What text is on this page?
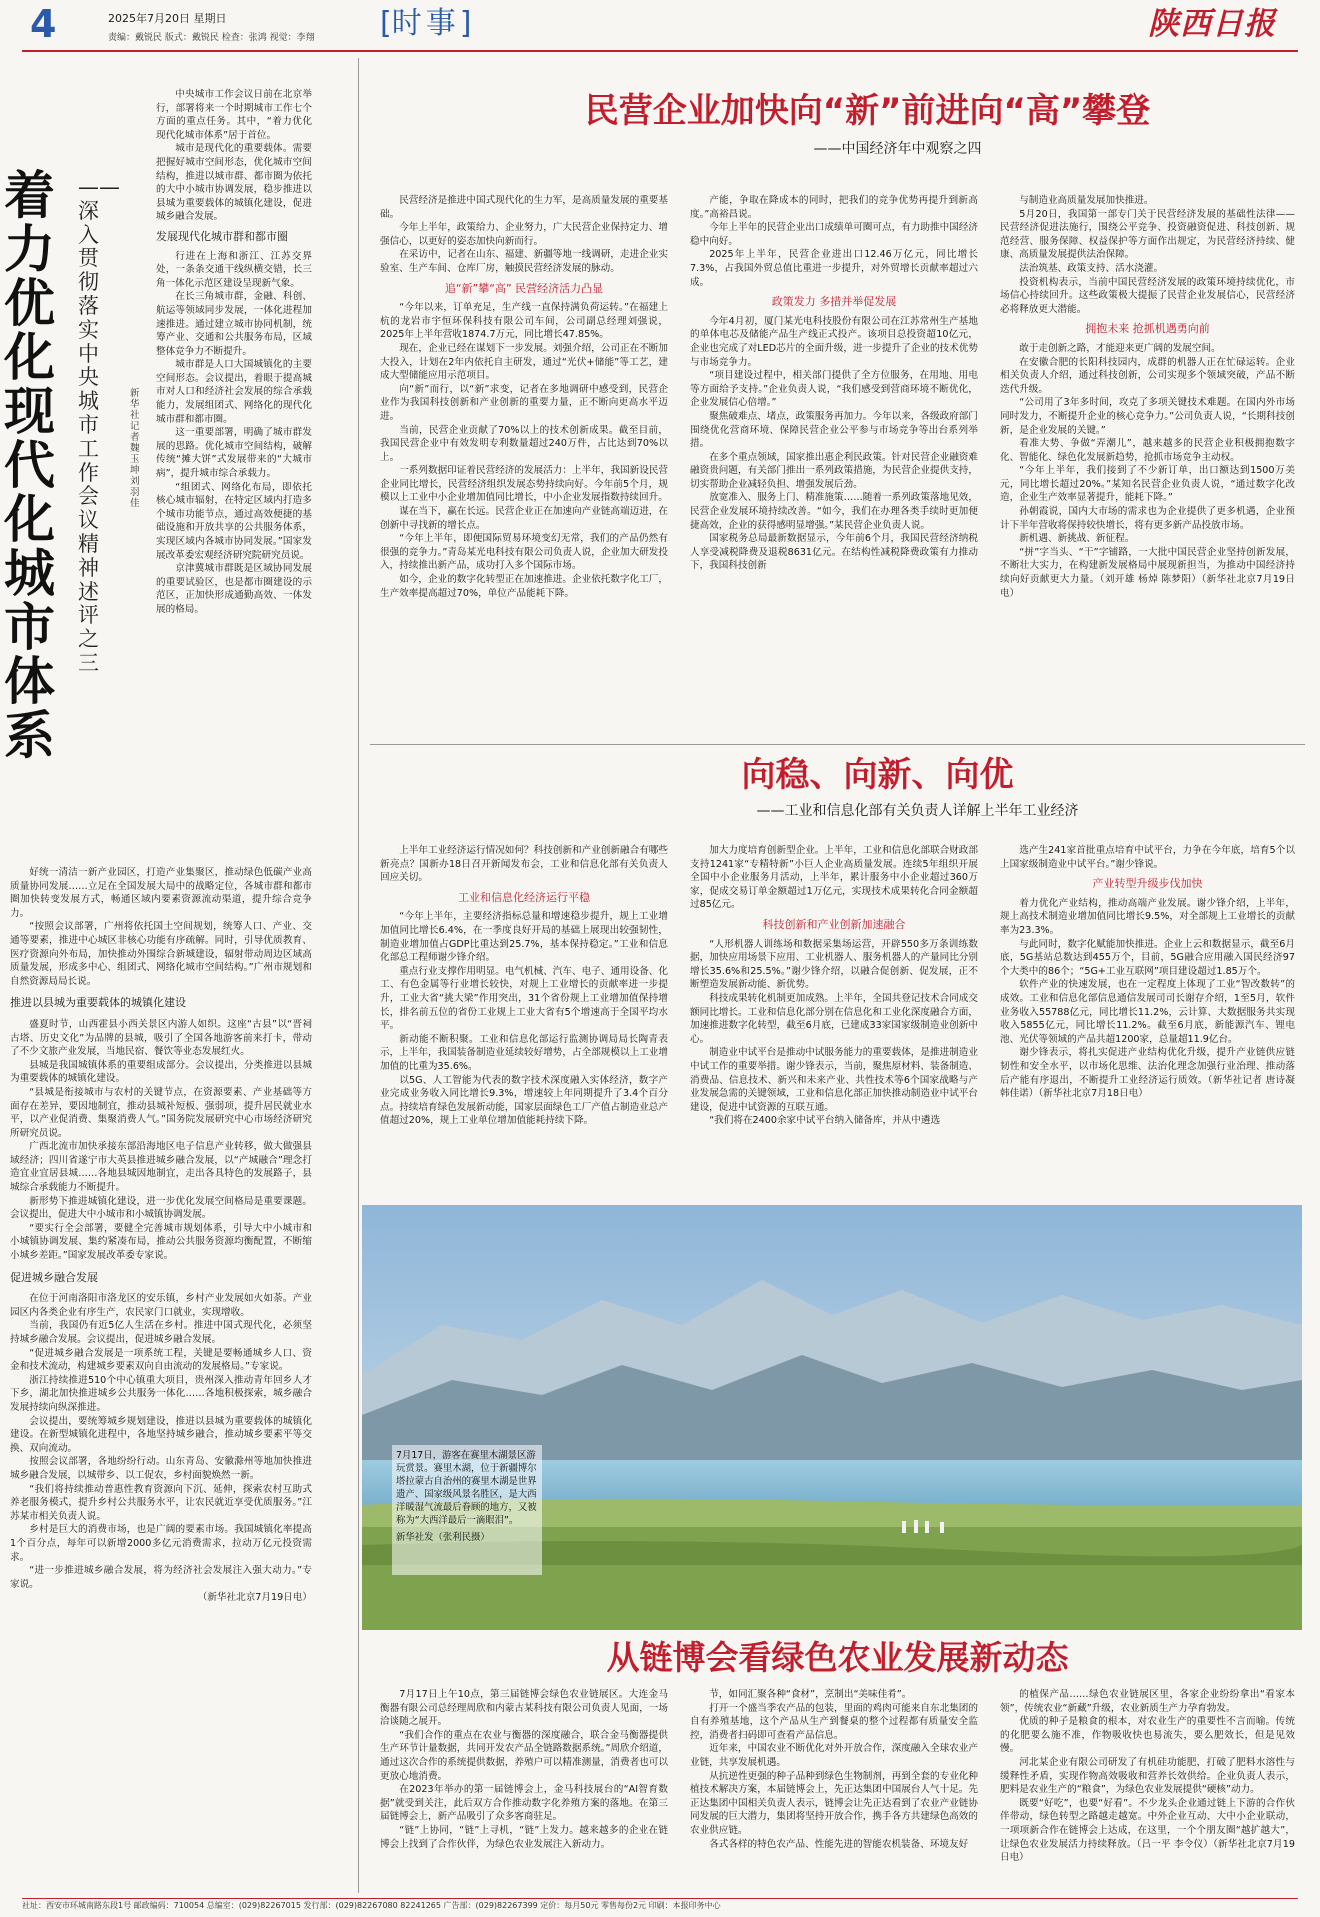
4	2025年7月20日 星期日
责编：戴锐民 版式：戴锐民 检查：张鸿 视觉：李翔 [时事]	陕西日报
着力优化现代化城市体系
——深入贯彻落实中央城市工作会议精神述评之三
新华社记者 魏玉坤 刘羽佳

中央城市工作会议日前在北京举行，部署将来一个时期城市工作七个方面的重点任务。其中，“着力优化现代化城市体系”居于首位。

城市是现代化的重要载体。需要把握好城市空间形态，优化城市空间结构，推进以城市群、都市圈为依托的大中小城市协调发展，稳步推进以县城为重要载体的城镇化建设，促进城乡融合发展。

发展现代化城市群和都市圈

行进在上海和浙江、江苏交界处，一条条交通干线纵横交错，长三角一体化示范区建设呈现新气象。

在长三角城市群，金融、科创、航运等领域同步发展，一体化进程加速推进。通过建立城市协同机制，统筹产业、交通和公共服务布局，区域整体竞争力不断提升。

城市群是人口大国城镇化的主要空间形态。会议提出，着眼于提高城市对人口和经济社会发展的综合承载能力，发展组团式、网络化的现代化城市群和都市圈。

这一重要部署，明确了城市群发展的思路。优化城市空间结构，破解传统“摊大饼”式发展带来的“大城市病”，提升城市综合承载力。

“组团式、网络化布局，即依托核心城市辐射，在特定区域内打造多个城市功能节点，通过高效便捷的基础设施和开放共享的公共服务体系，实现区域内各城市协同发展。”国家发展改革委宏观经济研究院研究员说。

京津冀城市群既是区域协同发展的重要试验区，也是都市圈建设的示范区，正加快形成通勤高效、一体发展的格局。

好统一清洁一新产业园区，打造产业集聚区，推动绿色低碳产业高质量协同发展……立足在全国发展大局中的战略定位，各城市群和都市圈加快转变发展方式，畅通区域内要素资源流动渠道，提升综合竞争力。

“按照会议部署，广州将依托国土空间规划，统筹人口、产业、交通等要素，推进中心城区非核心功能有序疏解。同时，引导优质教育、医疗资源向外布局，加快推动外围综合新城建设，辐射带动周边区域高质量发展，形成多中心、组团式、网络化城市空间结构。”广州市规划和自然资源局局长说。

推进以县城为重要载体的城镇化建设

盛夏时节，山西霍县小西关景区内游人如织。这座“古县”以“晋祠古塔、历史文化”为品牌的县城，吸引了全国各地游客前来打卡，带动了不少文旅产业发展，当地民宿、餐饮等业态发展红火。

县城是我国城镇体系的重要组成部分。会议提出，分类推进以县城为重要载体的城镇化建设。

“县城是衔接城市与农村的关键节点，在资源要素、产业基础等方面存在差异，要因地制宜，推动县城补短板、强弱项，提升居民就业水平，以产业促消费、集聚消费人气。”国务院发展研究中心市场经济研究所研究员说。

广西北流市加快承接东部沿海地区电子信息产业转移，做大做强县域经济；四川省遂宁市大英县推进城乡融合发展，以“产城融合”理念打造宜业宜居县城……各地县城因地制宜，走出各具特色的发展路子，县城综合承载能力不断提升。

新形势下推进城镇化建设，进一步优化发展空间格局是重要课题。会议提出，促进大中小城市和小城镇协调发展。

“要实行全会部署，要健全完善城市规划体系，引导大中小城市和小城镇协调发展、集约紧凑布局，推动公共服务资源均衡配置，不断缩小城乡差距。”国家发展改革委专家说。

促进城乡融合发展

在位于河南洛阳市洛龙区的安乐镇，乡村产业发展如火如荼。产业园区内各类企业有序生产，农民家门口就业，实现增收。

当前，我国仍有近5亿人生活在乡村。推进中国式现代化，必须坚持城乡融合发展。会议提出，促进城乡融合发展。

“促进城乡融合发展是一项系统工程，关键是要畅通城乡人口、资金和技术流动，构建城乡要素双向自由流动的发展格局。”专家说。

浙江持续推进510个中心镇重大项目，贵州深入推动青年回乡人才下乡，湖北加快推进城乡公共服务一体化……各地积极探索，城乡融合发展持续向纵深推进。

会议提出，要统筹城乡规划建设，推进以县城为重要载体的城镇化建设。在新型城镇化进程中，各地坚持城乡融合，推动城乡要素平等交换、双向流动。

按照会议部署，各地纷纷行动。山东青岛、安徽滁州等地加快推进城乡融合发展，以城带乡、以工促农，乡村面貌焕然一新。

“我们将持续推动普惠性教育资源向下沉、延伸，探索农村互助式养老服务模式，提升乡村公共服务水平，让农民就近享受优质服务。”江苏某市相关负责人说。

乡村是巨大的消费市场，也是广阔的要素市场。我国城镇化率提高1个百分点，每年可以新增2000多亿元消费需求，拉动万亿元投资需求。

“进一步推进城乡融合发展，将为经济社会发展注入强大动力。”专家说。

（新华社北京7月19日电）

民营企业加快向“新”前进向“高”攀登
——中国经济年中观察之四

民营经济是推进中国式现代化的生力军，是高质量发展的重要基础。

今年上半年，政策给力、企业努力，广大民营企业保持定力、增强信心，以更好的姿态加快向新而行。

在采访中，记者在山东、福建、新疆等地一线调研，走进企业实验室、生产车间、仓库厂房，触摸民营经济发展的脉动。

追“新”攀“高” 民营经济活力凸显

“今年以来，订单充足，生产线一直保持满负荷运转。”在福建上杭的龙岩市宇恒环保科技有限公司车间，公司副总经理刘强说，2025年上半年营收1874.7万元，同比增长47.85%。

现在，企业已经在谋划下一步发展。刘强介绍，公司正在不断加大投入，计划在2年内依托自主研发，通过“光伏+储能”等工艺，建成大型储能应用示范项目。

向“新”而行，以“新”求变，记者在多地调研中感受到，民营企业作为我国科技创新和产业创新的重要力量，正不断向更高水平迈进。

当前，民营企业贡献了70%以上的技术创新成果。截至目前，我国民营企业中有效发明专利数量超过240万件，占比达到70%以上。

一系列数据印证着民营经济的发展活力：上半年，我国新设民营企业同比增长，民营经济组织发展态势持续向好。今年前5个月，规模以上工业中小企业增加值同比增长，中小企业发展指数持续回升。

谋在当下，赢在长远。民营企业正在加速向产业链高端迈进，在创新中寻找新的增长点。

“今年上半年，即便国际贸易环境变幻无常，我们的产品仍然有很强的竞争力。”青岛某光电科技有限公司负责人说，企业加大研发投入，持续推出新产品，成功打入多个国际市场。

如今，企业的数字化转型正在加速推进。企业依托数字化工厂，生产效率提高超过70%，单位产品能耗下降。

产能，争取在降成本的同时，把我们的竞争优势再提升到新高度。”高裕昌说。

今年上半年的民营企业出口成绩单可圈可点，有力助推中国经济稳中向好。

2025年上半年，民营企业进出口12.46万亿元，同比增长7.3%，占我国外贸总值比重进一步提升，对外贸增长贡献率超过六成。

政策发力 多措并举促发展

今年4月初，厦门某光电科技股份有限公司在江苏常州生产基地的单体电芯及储能产品生产线正式投产。该项目总投资超10亿元，企业也完成了对LED芯片的全面升级，进一步提升了企业的技术优势与市场竞争力。

“项目建设过程中，相关部门提供了全方位服务，在用地、用电等方面给予支持。”企业负责人说，“我们感受到营商环境不断优化，企业发展信心倍增。”

聚焦破难点、堵点，政策服务再加力。今年以来，各级政府部门围绕优化营商环境、保障民营企业公平参与市场竞争等出台系列举措。

在多个重点领域，国家推出惠企利民政策。针对民营企业融资难融资贵问题，有关部门推出一系列政策措施，为民营企业提供支持，切实帮助企业减轻负担、增强发展后劲。

放宽准入、服务上门、精准施策……随着一系列政策落地见效，民营企业发展环境持续改善。“如今，我们在办理各类手续时更加便捷高效，企业的获得感明显增强。”某民营企业负责人说。

国家税务总局最新数据显示，今年前6个月，我国民营经济纳税人享受减税降费及退税8631亿元。在结构性减税降费政策有力推动下，我国科技创新

与制造业高质量发展加快推进。

5月20日，我国第一部专门关于民营经济发展的基础性法律——民营经济促进法施行，围绕公平竞争、投资融资促进、科技创新、规范经营、服务保障、权益保护等方面作出规定，为民营经济持续、健康、高质量发展提供法治保障。

法治筑基、政策支持、活水浇灌。

投资机构表示，当前中国民营经济发展的政策环境持续优化，市场信心持续回升。这些政策极大提振了民营企业发展信心，民营经济必将释放更大潜能。

拥抱未来 抢抓机遇勇向前

敢于走创新之路，才能迎来更广阔的发展空间。

在安徽合肥的长阳科技园内，成群的机器人正在忙碌运转。企业相关负责人介绍，通过科技创新，公司实现多个领域突破，产品不断迭代升级。

“公司用了3年多时间，攻克了多项关键技术难题。在国内外市场同时发力，不断提升企业的核心竞争力。”公司负责人说，“长期科技创新，是企业发展的关键。”

看准大势、争做“弄潮儿”，越来越多的民营企业积极拥抱数字化、智能化、绿色化发展新趋势，抢抓市场竞争主动权。

“今年上半年，我们接到了不少新订单，出口额达到1500万美元，同比增长超过20%。”某知名民营企业负责人说，“通过数字化改造，企业生产效率显著提升，能耗下降。”

孙朝霞说，国内大市场的需求也为企业提供了更多机遇，企业预计下半年营收将保持较快增长，将有更多新产品投放市场。

新机遇、新挑战、新征程。

“拼”字当头、“干”字铺路，一大批中国民营企业坚持创新发展，不断壮大实力，在构建新发展格局中展现新担当，为推动中国经济持续向好贡献更大力量。（刘开雄 杨焯 陈梦阳）（新华社北京7月19日电）

向稳、向新、向优
——工业和信息化部有关负责人详解上半年工业经济

上半年工业经济运行情况如何？科技创新和产业创新融合有哪些新亮点？国新办18日召开新闻发布会，工业和信息化部有关负责人回应关切。

工业和信息化经济运行平稳

“今年上半年，主要经济指标总量和增速稳步提升，规上工业增加值同比增长6.4%，在一季度良好开局的基础上展现出较强韧性，制造业增加值占GDP比重达到25.7%，基本保持稳定。”工业和信息化部总工程师谢少锋介绍。

重点行业支撑作用明显。电气机械、汽车、电子、通用设备、化工、有色金属等行业增长较快，对规上工业增长的贡献率进一步提升，工业大省“挑大梁”作用突出，31个省份规上工业增加值保持增长，排名前五位的省份工业规上工业大省有5个增速高于全国平均水平。

新动能不断积聚。工业和信息化部运行监测协调局局长陶青表示，上半年，我国装备制造业延续较好增势，占全部规模以上工业增加值的比重为35.6%。

以5G、人工智能为代表的数字技术深度融入实体经济，数字产业完成业务收入同比增长9.3%，增速较上年同期提升了3.4个百分点。持续培育绿色发展新动能，国家层面绿色工厂产值占制造业总产值超过20%，规上工业单位增加值能耗持续下降。

加大力度培育创新型企业。上半年，工业和信息化部联合财政部支持1241家“专精特新”小巨人企业高质量发展。连续5年组织开展全国中小企业服务月活动，上半年，累计服务中小企业超过360万家，促成交易订单金额超过1万亿元，实现技术成果转化合同金额超过85亿元。

科技创新和产业创新加速融合

“人形机器人训练场和数据采集场运营，开辟550多万条训练数据，加快应用场景下应用、工业机器人、服务机器人的产量同比分别增长35.6%和25.5%。”谢少锋介绍，以融合促创新、促发展，正不断塑造发展新动能、新优势。

科技成果转化机制更加成熟。上半年，全国共登记技术合同成交额同比增长。工业和信息化部分别在信息化和工业化深度融合方面，加速推进数字化转型，截至6月底，已建成33家国家级制造业创新中心。

制造业中试平台是推动中试服务能力的重要载体，是推进制造业中试工作的重要举措。谢少锋表示，当前，聚焦原材料、装备制造、消费品、信息技术、新兴和未来产业、共性技术等6个国家战略与产业发展急需的关键领域，工业和信息化部正加快推动制造业中试平台建设，促进中试资源的互联互通。

“我们将在2400余家中试平台纳入储备库，并从中遴选

选产生241家首批重点培育中试平台，力争在今年底，培育5个以上国家级制造业中试平台。”谢少锋说。

产业转型升级步伐加快

着力优化产业结构，推动高端产业发展。谢少锋介绍，上半年，规上高技术制造业增加值同比增长9.5%，对全部规上工业增长的贡献率为23.3%。

与此同时，数字化赋能加快推进。企业上云和数据显示，截至6月底，5G基站总数达到455万个，目前，5G融合应用融入国民经济97个大类中的86个；“5G+工业互联网”项目建设超过1.85万个。

软件产业的快速发展，也在一定程度上体现了工业“智改数转”的成效。工业和信息化部信息通信发展司司长谢存介绍，1至5月，软件业务收入55788亿元，同比增长11.2%，云计算、大数据服务共实现收入5855亿元，同比增长11.2%。截至6月底，新能源汽车、锂电池、光伏等领域的产品共超1200家，总量超11.9亿台。

谢少锋表示，将扎实促进产业结构优化升级，提升产业链供应链韧性和安全水平，以市场化思维、法治化理念加强行业治理、推动落后产能有序退出，不断提升工业经济运行质效。（新华社记者 唐诗凝 韩佳诺）（新华社北京7月18日电）

7月17日，游客在赛里木湖景区游玩赏景。赛里木湖，位于新疆博尔塔拉蒙古自治州的赛里木湖是世界遗产、国家级风景名胜区，是大西洋暖湿气流最后眷顾的地方，又被称为“大西洋最后一滴眼泪”。
新华社发（张利民摄）
从链博会看绿色农业发展新动态

7月17日上午10点，第三届链博会绿色农业链展区。大连金马衡器有限公司总经理周欣和内蒙古某科技有限公司负责人见面，一场洽谈随之展开。

“我们合作的重点在农业与衡器的深度融合，联合金马衡器提供生产环节计量数据，共同开发农产品全链路数据系统。”周欣介绍道，通过这次合作的系统提供数据，养殖户可以精准测量，消费者也可以更放心地消费。

在2023年举办的第一届链博会上，金马科技展台的“AI智育数据”就受到关注，此后双方合作推动数字化养殖方案的落地。在第三届链博会上，新产品吸引了众多客商驻足。

“链”上协同，“链”上寻机，“链”上发力。越来越多的企业在链博会上找到了合作伙伴，为绿色农业发展注入新动力。

节，如同汇聚各种“食材”，烹制出“美味佳肴”。

打开一个盛当季农产品的包装，里面的鸡肉可能来自东北集团的自有养殖基地，这个产品从生产到餐桌的整个过程都有质量安全监控，消费者扫码即可查看产品信息。

近年来，中国农业不断优化对外开放合作，深度融入全球农业产业链，共享发展机遇。

从抗逆性更强的种子品种到绿色生物制剂，再到全套的专业化种植技术解决方案，本届链博会上，先正达集团中国展台人气十足。先正达集团中国相关负责人表示，链博会让先正达看到了农业产业链协同发展的巨大潜力，集团将坚持开放合作，携手各方共建绿色高效的农业供应链。

各式各样的特色农产品、性能先进的智能农机装备、环境友好

的植保产品……绿色农业链展区里，各家企业纷纷拿出“看家本领”，传统农业“新藏”升级，农业新质生产力孕育勃发。

优质的种子是粮食的根本，对农业生产的重要性不言而喻。传统的化肥要么施不准，作物吸收快也易流失，要么肥效长，但是见效慢。

河北某企业有限公司研发了有机硅功能肥，打破了肥料水溶性与缓释性矛盾，实现作物高效吸收和营养长效供给。企业负责人表示，肥料是农业生产的“粮食”，为绿色农业发展提供“硬核”动力。

既要“好吃”，也要“好看”。不少龙头企业通过链上下游的合作伙伴带动，绿色转型之路越走越宽。中外企业互动、大中小企业联动，一项项新合作在链博会上达成，在这里，一个个朋友圈“越扩越大”，让绿色农业发展活力持续释放。（吕一平 李令仪）（新华社北京7月19日电）

社址：西安市环城南路东段1号 邮政编码：710054 总编室：(029)82267015 发行部：(029)82267080 82241265 广告部：(029)82267399 定价：每月50元 零售每份2元 印刷：本报印务中心
